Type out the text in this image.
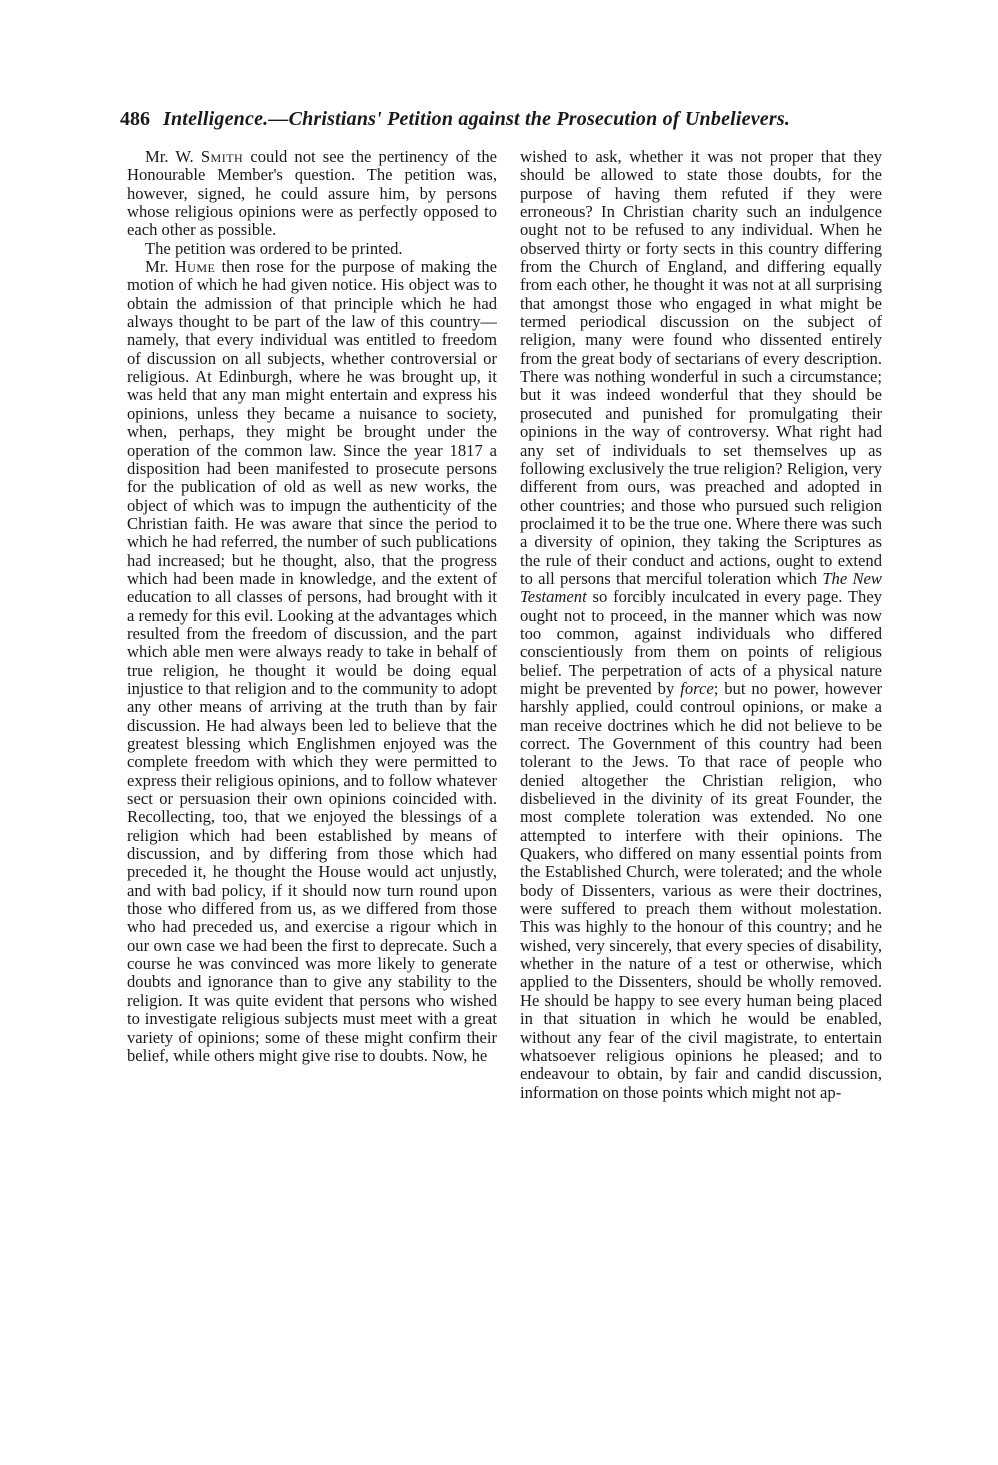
486 Intelligence.—Christians' Petition against the Prosecution of Unbelievers.

Mr. W. Smith could not see the pertinency of the Honourable Member's question. The petition was, however, signed, he could assure him, by persons whose religious opinions were as perfectly opposed to each other as possible.

The petition was ordered to be printed.

Mr. Hume then rose for the purpose of making the motion of which he had given notice. His object was to obtain the admission of that principle which he had always thought to be part of the law of this country—namely, that every individual was entitled to freedom of discussion on all subjects, whether controversial or religious. At Edinburgh, where he was brought up, it was held that any man might entertain and express his opinions, unless they became a nuisance to society, when, perhaps, they might be brought under the operation of the common law. Since the year 1817 a disposition had been manifested to prosecute persons for the publication of old as well as new works, the object of which was to impugn the authenticity of the Christian faith. He was aware that since the period to which he had referred, the number of such publications had increased; but he thought, also, that the progress which had been made in knowledge, and the extent of education to all classes of persons, had brought with it a remedy for this evil. Looking at the advantages which resulted from the freedom of discussion, and the part which able men were always ready to take in behalf of true religion, he thought it would be doing equal injustice to that religion and to the community to adopt any other means of arriving at the truth than by fair discussion. He had always been led to believe that the greatest blessing which Englishmen enjoyed was the complete freedom with which they were permitted to express their religious opinions, and to follow whatever sect or persuasion their own opinions coincided with. Recollecting, too, that we enjoyed the blessings of a religion which had been established by means of discussion, and by differing from those which had preceded it, he thought the House would act unjustly, and with bad policy, if it should now turn round upon those who differed from us, as we differed from those who had preceded us, and exercise a rigour which in our own case we had been the first to deprecate. Such a course he was convinced was more likely to generate doubts and ignorance than to give any stability to the religion. It was quite evident that persons who wished to investigate religious subjects must meet with a great variety of opinions; some of these might confirm their belief, while others might give rise to doubts. Now, he

wished to ask, whether it was not proper that they should be allowed to state those doubts, for the purpose of having them refuted if they were erroneous? In Christian charity such an indulgence ought not to be refused to any individual. When he observed thirty or forty sects in this country differing from the Church of England, and differing equally from each other, he thought it was not at all surprising that amongst those who engaged in what might be termed periodical discussion on the subject of religion, many were found who dissented entirely from the great body of sectarians of every description. There was nothing wonderful in such a circumstance; but it was indeed wonderful that they should be prosecuted and punished for promulgating their opinions in the way of controversy. What right had any set of individuals to set themselves up as following exclusively the true religion? Religion, very different from ours, was preached and adopted in other countries; and those who pursued such religion proclaimed it to be the true one. Where there was such a diversity of opinion, they taking the Scriptures as the rule of their conduct and actions, ought to extend to all persons that merciful toleration which The New Testament so forcibly inculcated in every page. They ought not to proceed, in the manner which was now too common, against individuals who differed conscientiously from them on points of religious belief. The perpetration of acts of a physical nature might be prevented by force; but no power, however harshly applied, could controul opinions, or make a man receive doctrines which he did not believe to be correct. The Government of this country had been tolerant to the Jews. To that race of people who denied altogether the Christian religion, who disbelieved in the divinity of its great Founder, the most complete toleration was extended. No one attempted to interfere with their opinions. The Quakers, who differed on many essential points from the Established Church, were tolerated; and the whole body of Dissenters, various as were their doctrines, were suffered to preach them without molestation. This was highly to the honour of this country; and he wished, very sincerely, that every species of disability, whether in the nature of a test or otherwise, which applied to the Dissenters, should be wholly removed. He should be happy to see every human being placed in that situation in which he would be enabled, without any fear of the civil magistrate, to entertain whatsoever religious opinions he pleased; and to endeavour to obtain, by fair and candid discussion, information on those points which might not ap-
